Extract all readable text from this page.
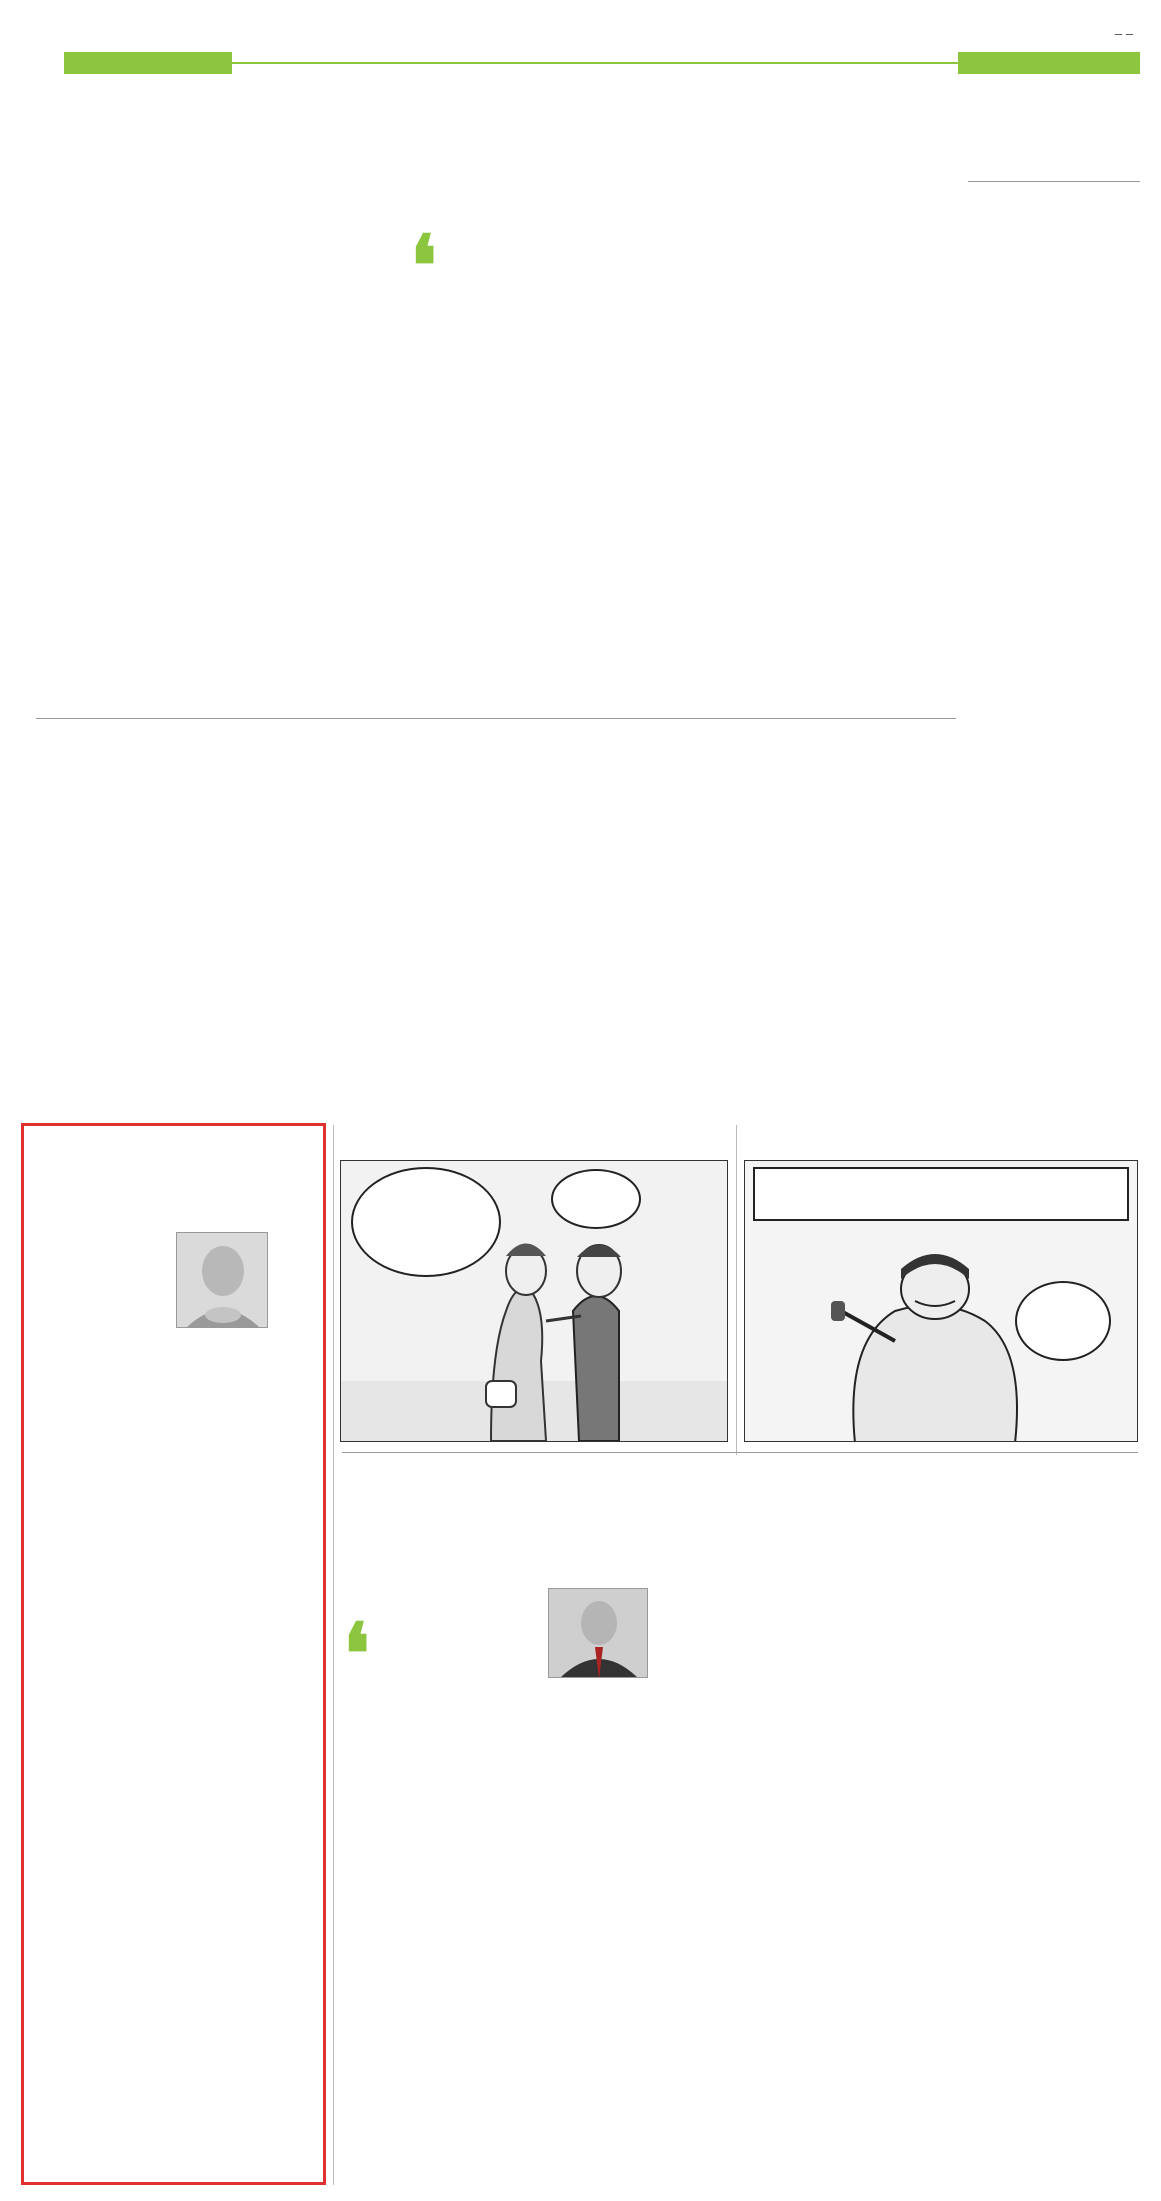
– –
❛
❛
